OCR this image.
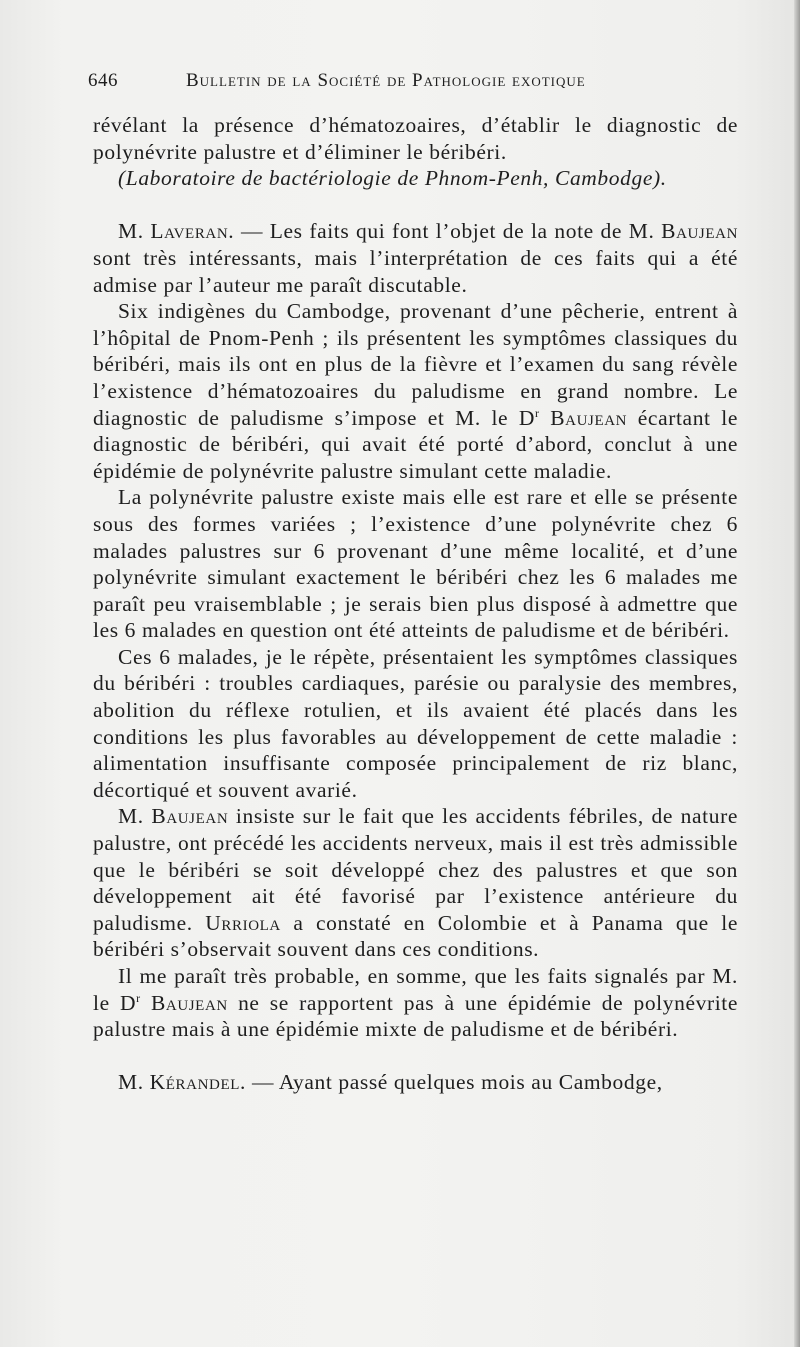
646	Bulletin de la Société de Pathologie exotique

révélant la présence d’hématozoaires, d’établir le diagnostic de polynévrite palustre et d’éliminer le béribéri.

(Laboratoire de bactériologie de Phnom-Penh, Cambodge).

M. Laveran. — Les faits qui font l’objet de la note de M. Baujean sont très intéressants, mais l’interprétation de ces faits qui a été admise par l’auteur me paraît discutable.

Six indigènes du Cambodge, provenant d’une pêcherie, entrent à l’hôpital de Pnom-Penh ; ils présentent les symptômes classiques du béribéri, mais ils ont en plus de la fièvre et l’examen du sang révèle l’existence d’hématozoaires du paludisme en grand nombre. Le diagnostic de paludisme s’impose et M. le $D^r$ Baujean écartant le diagnostic de béribéri, qui avait été porté d’abord, conclut à une épidémie de polynévrite palustre simulant cette maladie.

La polynévrite palustre existe mais elle est rare et elle se présente sous des formes variées ; l’existence d’une polynévrite chez 6 malades palustres sur 6 provenant d’une même localité, et d’une polynévrite simulant exactement le béribéri chez les 6 malades me paraît peu vraisemblable ; je serais bien plus disposé à admettre que les 6 malades en question ont été atteints de paludisme et de béribéri.

Ces 6 malades, je le répète, présentaient les symptômes classiques du béribéri : troubles cardiaques, parésie ou paralysie des membres, abolition du réflexe rotulien, et ils avaient été placés dans les conditions les plus favorables au développement de cette maladie : alimentation insuffisante composée principalement de riz blanc, décortiqué et souvent avarié.

M. Baujean insiste sur le fait que les accidents fébriles, de nature palustre, ont précédé les accidents nerveux, mais il est très admissible que le béribéri se soit développé chez des palustres et que son développement ait été favorisé par l’existence antérieure du paludisme. Urriola a constaté en Colombie et à Panama que le béribéri s’observait souvent dans ces conditions.

Il me paraît très probable, en somme, que les faits signalés par M. le $D^r$ Baujean ne se rapportent pas à une épidémie de polynévrite palustre mais à une épidémie mixte de paludisme et de béribéri.

M. Kérandel. — Ayant passé quelques mois au Cambodge,
